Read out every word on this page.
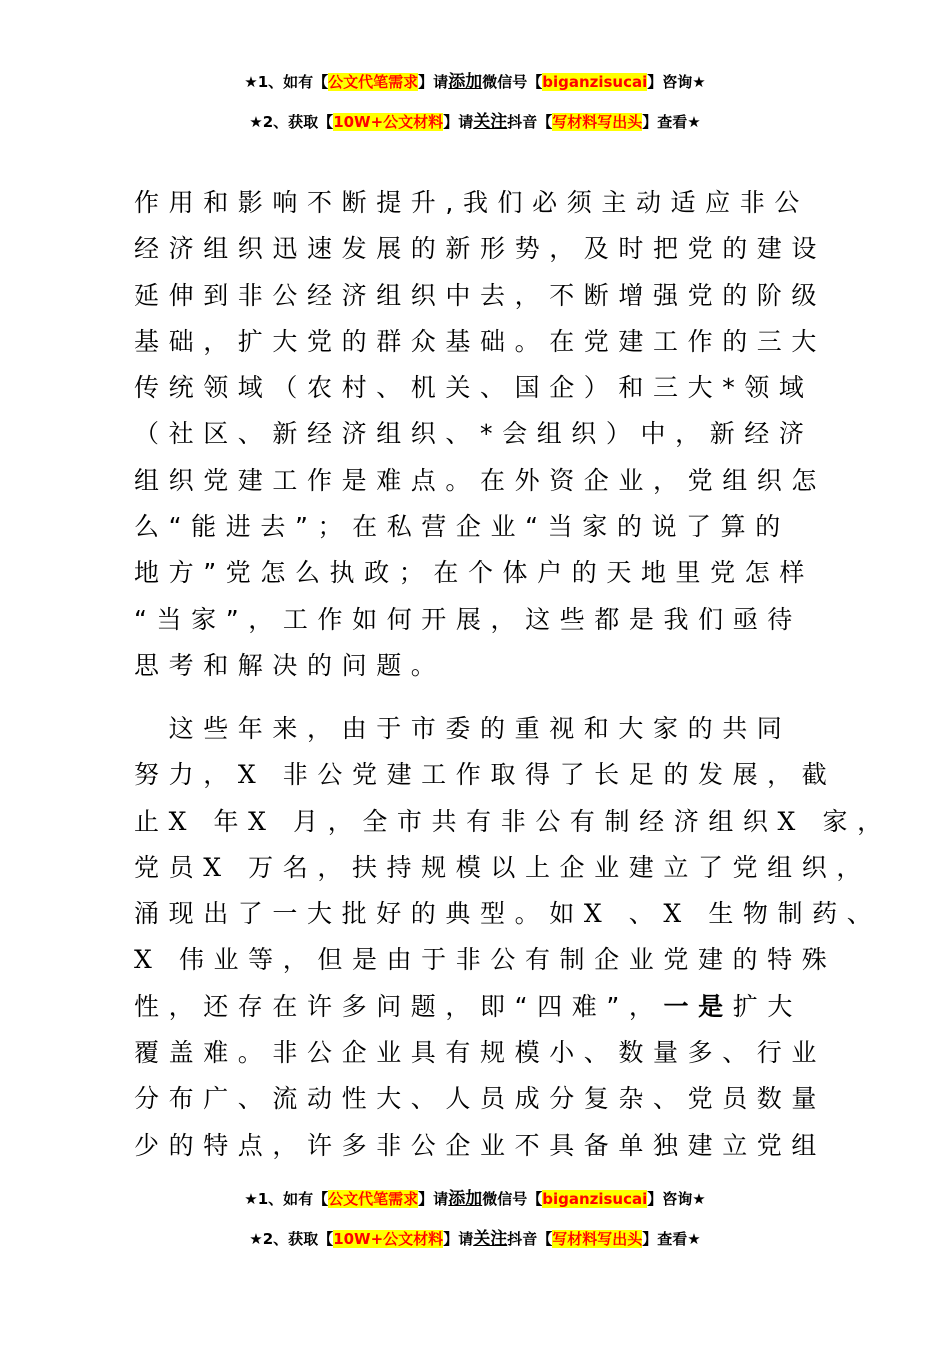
★1、如有【公文代笔需求】请添加微信号【biganzisucai】咨询★
★2、获取【10W+公文材料】请关注抖音【写材料写出头】查看★
作用和影响不断提升,我们必须主动适应非公
经济组织迅速发展的新形势，及时把党的建设
延伸到非公经济组织中去，不断增强党的阶级
基础，扩大党的群众基础。在党建工作的三大
传统领域（农村、机关、国企）和三大*领域
（社区、新经济组织、*会组织）中，新经济
组织党建工作是难点。在外资企业，党组织怎
么“能进去”；在私营企业“当家的说了算的
地方”党怎么执政；在个体户的天地里党怎样
“当家”，工作如何开展，这些都是我们亟待
思考和解决的问题。
　这些年来，由于市委的重视和大家的共同
努力，X 非公党建工作取得了长足的发展，截
止X 年X 月，全市共有非公有制经济组织X 家，
党员X 万名，扶持规模以上企业建立了党组织，
涌现出了一大批好的典型。如X 、X 生物制药、
X 伟业等，但是由于非公有制企业党建的特殊
性，还存在许多问题，即“四难”，一是扩大
覆盖难。非公企业具有规模小、数量多、行业
分布广、流动性大、人员成分复杂、党员数量
少的特点，许多非公企业不具备单独建立党组
★1、如有【公文代笔需求】请添加微信号【biganzisucai】咨询★
★2、获取【10W+公文材料】请关注抖音【写材料写出头】查看★
